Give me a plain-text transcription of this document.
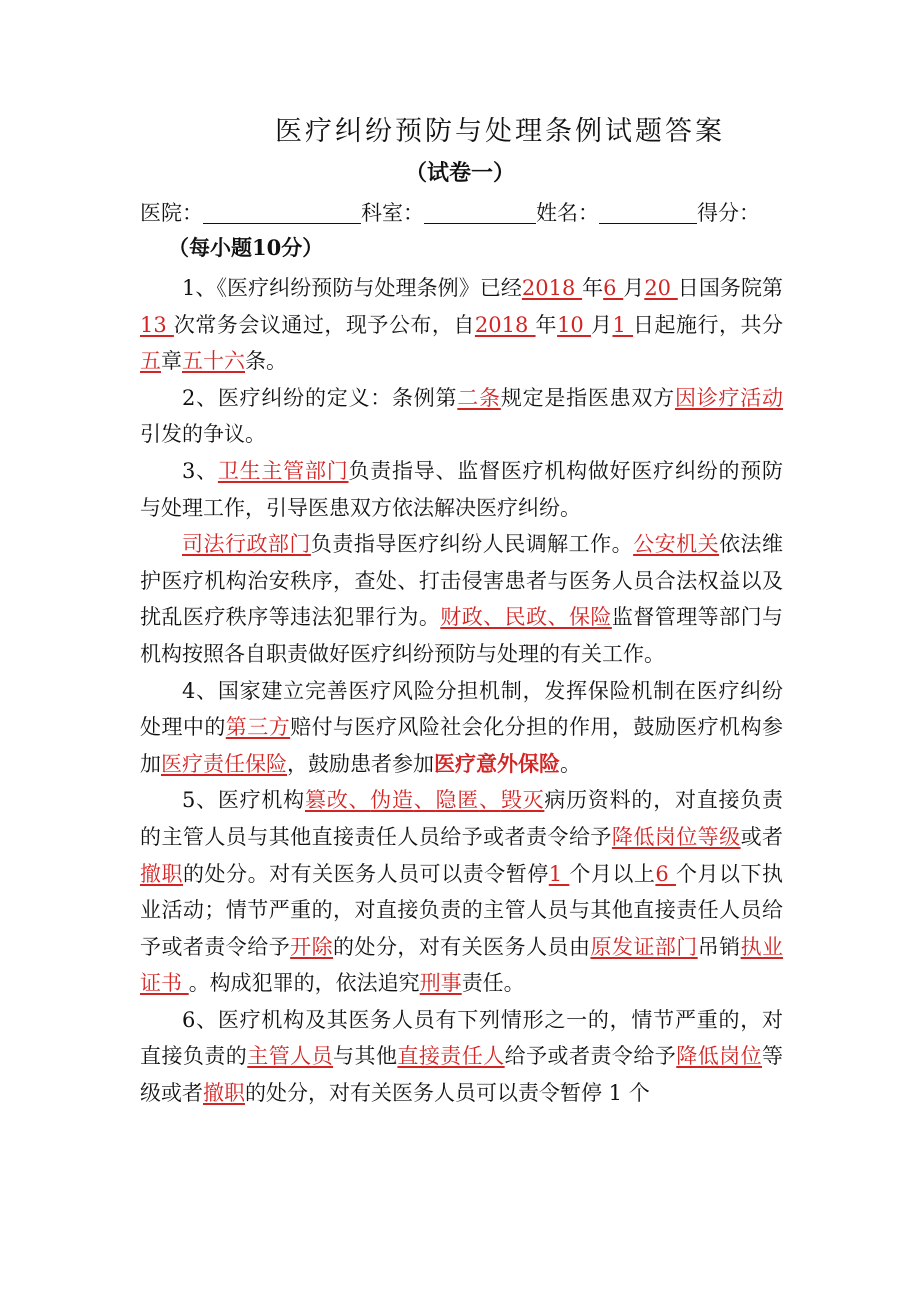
医疗纠纷预防与处理条例试题答案
（试卷一）
医院：	科室：	姓名：	得分：
（每小题10分）

1、《医疗纠纷预防与处理条例》已经2018 年6 月20 日国务院第13 次常务会议通过，现予公布，自2018 年10 月1 日起施行，共分五章五十六条。

2、医疗纠纷的定义：条例第二条规定是指医患双方因诊疗活动引发的争议。

3、卫生主管部门负责指导、监督医疗机构做好医疗纠纷的预防与处理工作，引导医患双方依法解决医疗纠纷。

司法行政部门负责指导医疗纠纷人民调解工作。公安机关依法维护医疗机构治安秩序，查处、打击侵害患者与医务人员合法权益以及扰乱医疗秩序等违法犯罪行为。财政、民政、保险监督管理等部门与机构按照各自职责做好医疗纠纷预防与处理的有关工作。

4、国家建立完善医疗风险分担机制，发挥保险机制在医疗纠纷处理中的第三方赔付与医疗风险社会化分担的作用，鼓励医疗机构参加医疗责任保险，鼓励患者参加医疗意外保险。

5、医疗机构篡改、伪造、隐匿、毁灭病历资料的，对直接负责的主管人员与其他直接责任人员给予或者责令给予降低岗位等级或者撤职的处分。对有关医务人员可以责令暂停1 个月以上6 个月以下执业活动；情节严重的，对直接负责的主管人员与其他直接责任人员给予或者责令给予开除的处分，对有关医务人员由原发证部门吊销执业证书 。构成犯罪的，依法追究刑事责任。

6、医疗机构及其医务人员有下列情形之一的，情节严重的，对直接负责的主管人员与其他直接责任人给予或者责令给予降低岗位等级或者撤职的处分，对有关医务人员可以责令暂停 1 个
